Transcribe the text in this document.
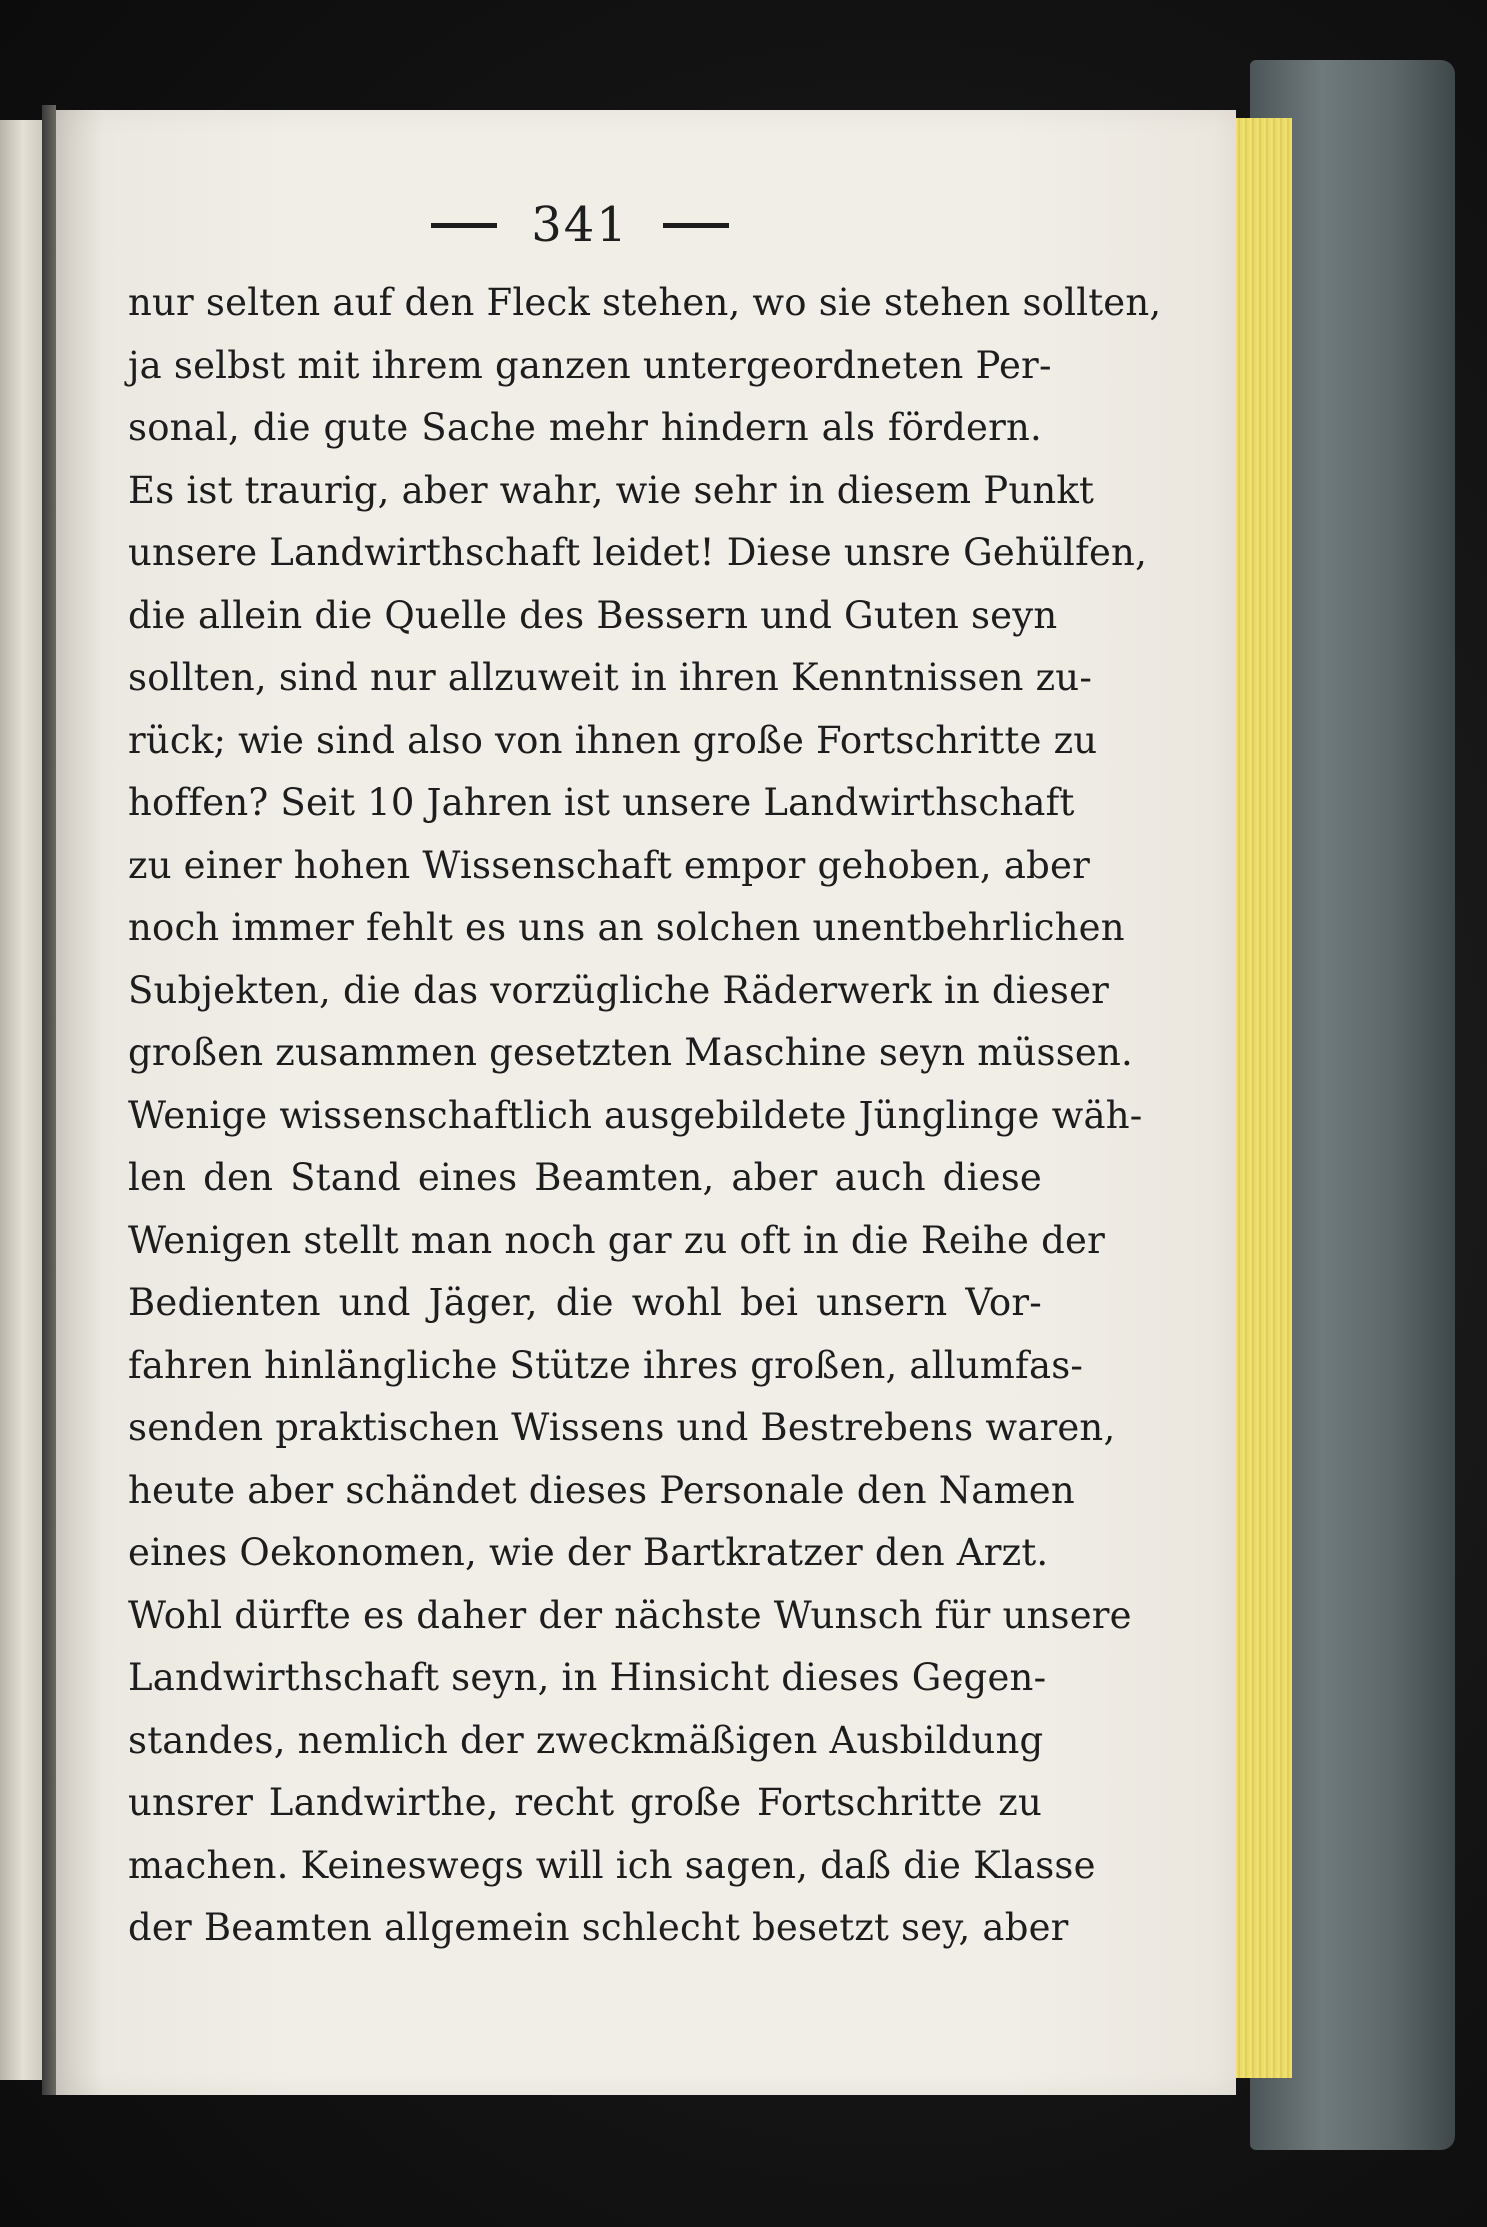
341
nur selten auf den Fleck stehen, wo sie stehen sollten,
ja selbst mit ihrem ganzen untergeordneten Per-
sonal, die gute Sache mehr hindern als fördern.
Es ist traurig, aber wahr, wie sehr in diesem Punkt
unsere Landwirthschaft leidet! Diese unsre Gehülfen,
die allein die Quelle des Bessern und Guten seyn
sollten, sind nur allzuweit in ihren Kenntnissen zu-
rück; wie sind also von ihnen große Fortschritte zu
hoffen? Seit 10 Jahren ist unsere Landwirthschaft
zu einer hohen Wissenschaft empor gehoben, aber
noch immer fehlt es uns an solchen unentbehrlichen
Subjekten, die das vorzügliche Räderwerk in dieser
großen zusammen gesetzten Maschine seyn müssen.
Wenige wissenschaftlich ausgebildete Jünglinge wäh-
len den Stand eines Beamten, aber auch diese
Wenigen stellt man noch gar zu oft in die Reihe der
Bedienten und Jäger, die wohl bei unsern Vor-
fahren hinlängliche Stütze ihres großen, allumfas-
senden praktischen Wissens und Bestrebens waren,
heute aber schändet dieses Personale den Namen
eines Oekonomen, wie der Bartkratzer den Arzt.
Wohl dürfte es daher der nächste Wunsch für unsere
Landwirthschaft seyn, in Hinsicht dieses Gegen-
standes, nemlich der zweckmäßigen Ausbildung
unsrer Landwirthe, recht große Fortschritte zu
machen. Keineswegs will ich sagen, daß die Klasse
der Beamten allgemein schlecht besetzt sey, aber
